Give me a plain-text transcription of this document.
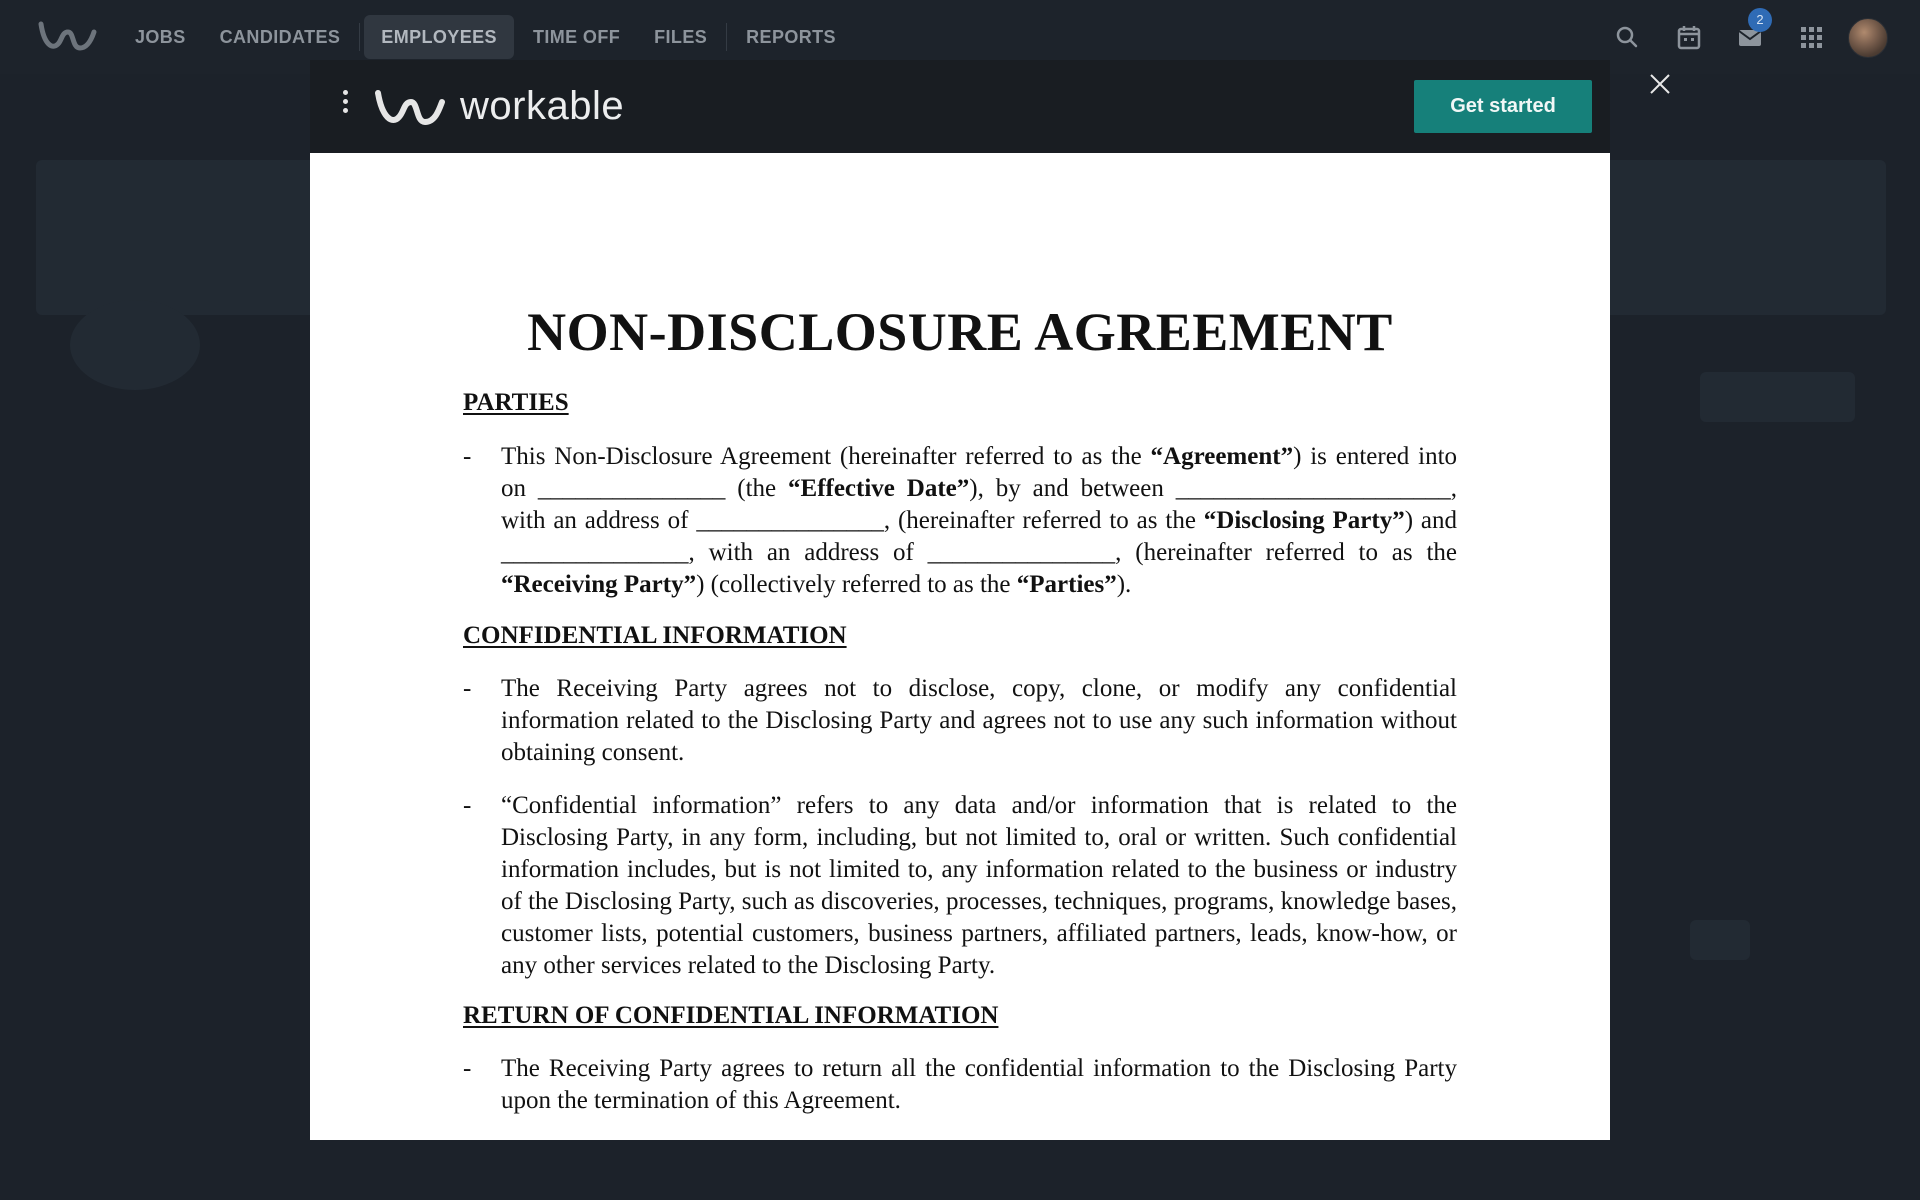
JOBS	CANDIDATES	EMPLOYEES	TIME OFF	FILES	REPORTS
2
workable	Get started
NON-DISCLOSURE AGREEMENT
PARTIES
- This Non-Disclosure Agreement (hereinafter referred to as the “Agreement”) is entered into on _______________ (the “Effective Date”), by and between ______________________, with an address of _______________, (hereinafter referred to as the “Disclosing Party”) and _______________, with an address of _______________, (hereinafter referred to as the “Receiving Party”) (collectively referred to as the “Parties”).
CONFIDENTIAL INFORMATION
- The Receiving Party agrees not to disclose, copy, clone, or modify any confidential information related to the Disclosing Party and agrees not to use any such information without obtaining consent.
- “Confidential information” refers to any data and/or information that is related to the Disclosing Party, in any form, including, but not limited to, oral or written. Such confidential information includes, but is not limited to, any information related to the business or industry of the Disclosing Party, such as discoveries, processes, techniques, programs, knowledge bases, customer lists, potential customers, business partners, affiliated partners, leads, know-how, or any other services related to the Disclosing Party.
RETURN OF CONFIDENTIAL INFORMATION
- The Receiving Party agrees to return all the confidential information to the Disclosing Party upon the termination of this Agreement.
